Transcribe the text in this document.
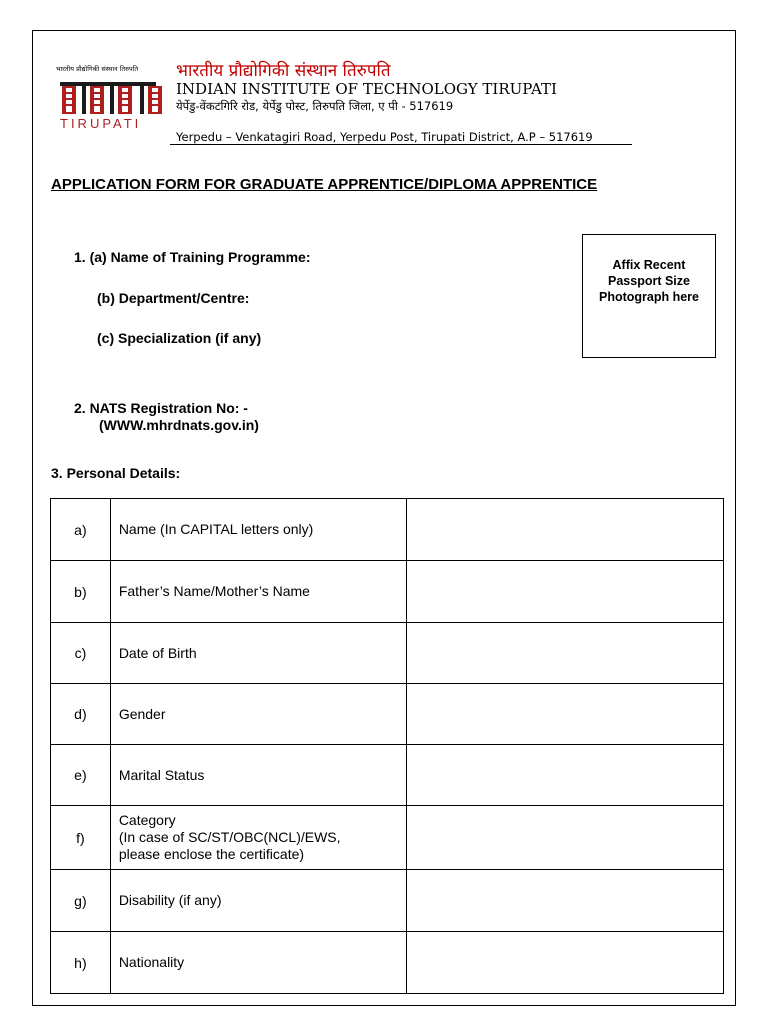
भारतीय प्रौद्योगिकी संस्थान तिरुपति
TIRUPATI
भारतीय प्रौद्योगिकी संस्थान तिरुपति
INDIAN INSTITUTE OF TECHNOLOGY TIRUPATI
येर्पेडु-वेंकटगिरि रोड, येर्पेडु पोस्ट, तिरुपति जिला, ए पी - 517619
Yerpedu – Venkatagiri Road, Yerpedu Post, Tirupati District, A.P – 517619
APPLICATION FORM FOR GRADUATE APPRENTICE/DIPLOMA APPRENTICE
1. (a) Name of Training Programme:
(b) Department/Centre:
(c) Specialization (if any)
Affix Recent
Passport Size
Photograph here
2. NATS Registration No: -
(WWW.mhrdnats.gov.in)
3. Personal Details:
a)	Name (In CAPITAL letters only)	
b)	Father’s Name/Mother’s Name	
c)	Date of Birth	
d)	Gender	
e)	Marital Status	
f)	Category
(In case of SC/ST/OBC(NCL)/EWS,
please enclose the certificate)	

g)	Disability (if any)	
h)	Nationality	
